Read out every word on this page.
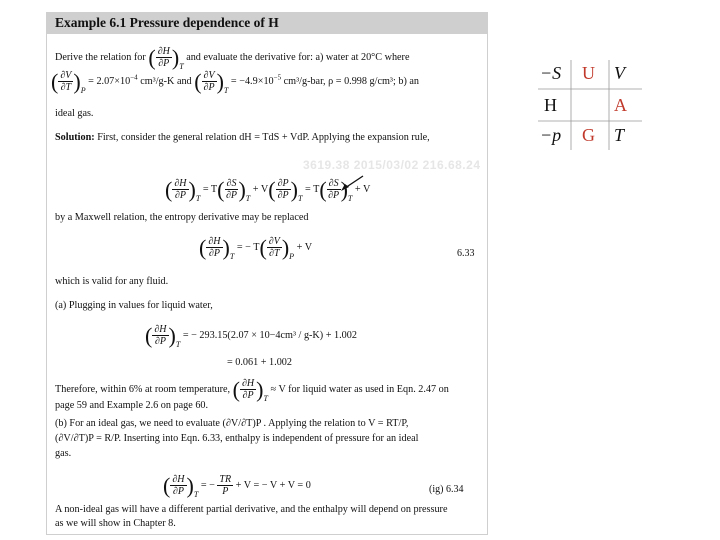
Example 6.1 Pressure dependence of H
Derive the relation for ( $\frac{\partial H}{\partial P} )_T$ and evaluate the derivative for: a) water at 20°C where
( $\frac{\partial V}{\partial T} )_P = 2.07\times 10^{-4}$ cm³/g-K and ( $\frac{\partial V}{\partial P} )_T = -4.9\times 10^{-5}$ cm³/g-bar, ρ = 0.998 g/cm³; b) an
ideal gas.
Solution: First, consider the general relation dH = TdS + VdP. Applying the expansion rule,
3619.38 2015/03/02 216.68.24
( $\frac{\partial H}{\partial P} )_T = T( \frac{\partial S}{\partial P} )_T + V( \frac{\partial P}{\partial P} )_T = T( \frac{\partial S}{\partial P} )_T + V$
by a Maxwell relation, the entropy derivative may be replaced
( $\frac{\partial H}{\partial P} )_T$ = − $T( \frac{\partial V}{\partial T} )_P + V$
6.33
which is valid for any fluid.
(a) Plugging in values for liquid water,
( $\frac{\partial H}{\partial P} )_T$ = − 293.15(2.07 × 10−4cm³ / g-K) + 1.002
= 0.061 + 1.002
Therefore, within 6% at room temperature, ( $\frac{\partial H}{\partial P} )_T \approx V$ for liquid water as used in Eqn. 2.47 on
page 59 and Example 2.6 on page 60.
(b) For an ideal gas, we need to evaluate (∂V/∂T)P . Applying the relation to V = RT/P,
(∂V/∂T)P = R/P. Inserting into Eqn. 6.33, enthalpy is independent of pressure for an ideal
gas.
( $\frac{\partial H}{\partial P} )_T$ = − $\frac{TR}{P} + V$ = − V + V = 0	(ig) 6.34
A non-ideal gas will have a different partial derivative, and the enthalpy will depend on pressure
as we will show in Chapter 8.
−S U V
H	A
−p G T
